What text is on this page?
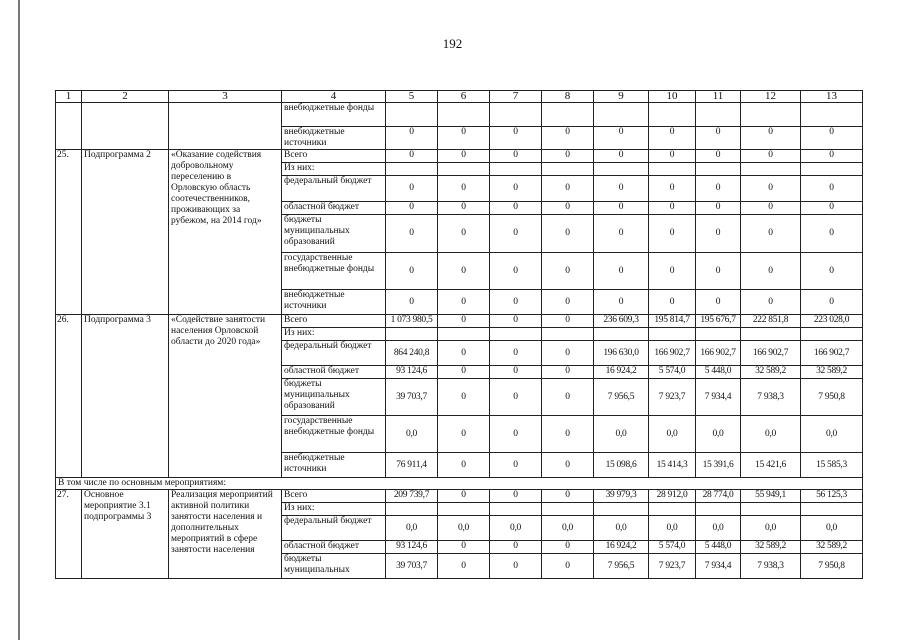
192
1	2	3	4	5	6	7	8	9	10	11	12	13
			внебюджетные фонды									
			внебюджетные источники	0	0	0	0	0	0	0	0	0
25.	Подпрограмма 2	«Оказание содействия добровольному переселению в Орловскую область соотечественников, проживающих за рубежом, на 2014 год»	Всего	0	0	0	0	0	0	0	0	0
			Из них:									
			федеральный бюджет	0	0	0	0	0	0	0	0	0
			областной бюджет	0	0	0	0	0	0	0	0	0
			бюджеты муниципальных образований	0	0	0	0	0	0	0	0	0
			государственные внебюджетные фонды	0	0	0	0	0	0	0	0	0
			внебюджетные источники	0	0	0	0	0	0	0	0	0
26.	Подпрограмма 3	«Содействие занятости населения Орловской области до 2020 года»	Всего	1 073 980,5	0	0	0	236 609,3	195 814,7	195 676,7	222 851,8	223 028,0
			Из них:									
			федеральный бюджет	864 240,8	0	0	0	196 630,0	166 902,7	166 902,7	166 902,7	166 902,7
			областной бюджет	93 124,6	0	0	0	16 924,2	5 574,0	5 448,0	32 589,2	32 589,2
			бюджеты муниципальных образований	39 703,7	0	0	0	7 956,5	7 923,7	7 934,4	7 938,3	7 950,8
			государственные внебюджетные фонды	0,0	0	0	0	0,0	0,0	0,0	0,0	0,0
			внебюджетные источники	76 911,4	0	0	0	15 098,6	15 414,3	15 391,6	15 421,6	15 585,3
В том числе по основным мероприятиям:												
27.	Основное мероприятие 3.1 подпрограммы 3	Реализация мероприятий активной политики занятости населения и дополнительных мероприятий в сфере занятости населения	Всего	209 739,7	0	0	0	39 979,3	28 912,0	28 774,0	55 949,1	56 125,3
			Из них:									
			федеральный бюджет	0,0	0,0	0,0	0,0	0,0	0,0	0,0	0,0	0,0
			областной бюджет	93 124,6	0	0	0	16 924,2	5 574,0	5 448,0	32 589,2	32 589,2
			бюджеты муниципальных	39 703,7	0	0	0	7 956,5	7 923,7	7 934,4	7 938,3	7 950,8
